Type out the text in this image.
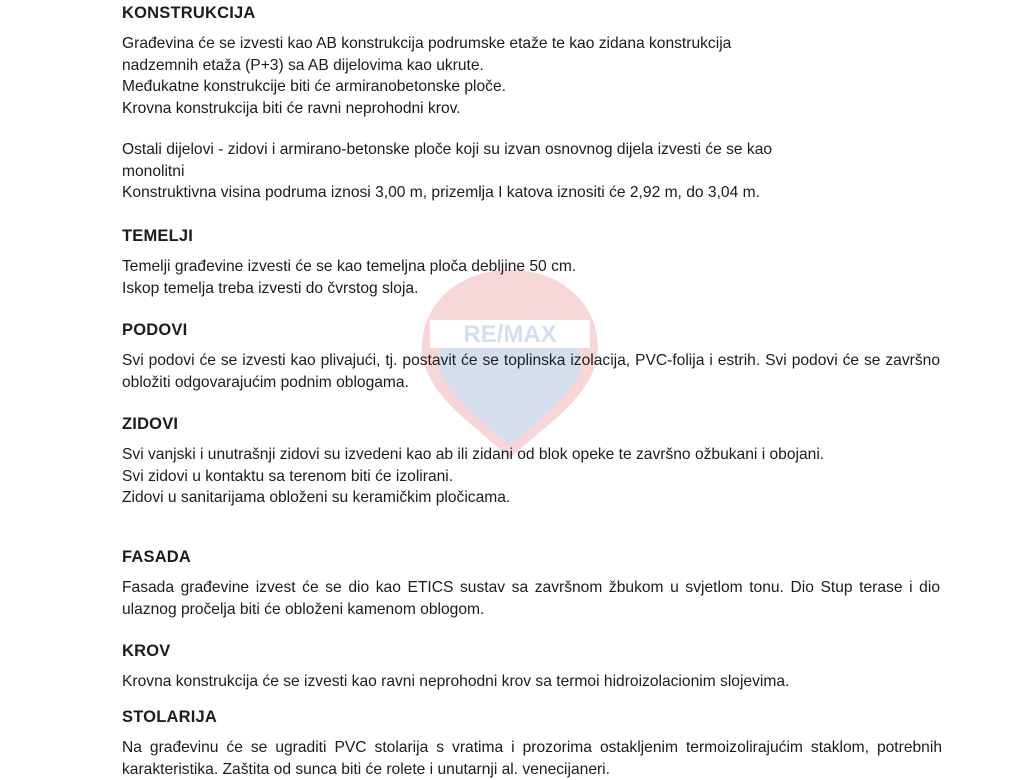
RE/MAX

KONSTRUKCIJA

Građevina će se izvesti kao AB konstrukcija podrumske etaže te kao zidana konstrukcija

nadzemnih etaža (P+3) sa AB dijelovima kao ukrute.

Međukatne konstrukcije biti će armiranobetonske ploče.

Krovna konstrukcija biti će ravni neprohodni krov.

Ostali dijelovi - zidovi i armirano-betonske ploče koji su izvan osnovnog dijela izvesti će se kao

monolitni

Konstruktivna visina podruma iznosi 3,00 m, prizemlja I katova iznositi će 2,92 m, do 3,04 m.

TEMELJI

Temelji građevine izvesti će se kao temeljna ploča debljine 50 cm.

Iskop temelja treba izvesti do čvrstog sloja.

PODOVI

Svi podovi će se izvesti kao plivajući, tj. postavit će se toplinska izolacija, PVC-folija i estrih. Svi podovi će se završno obložiti odgovarajućim podnim oblogama.

ZIDOVI

Svi vanjski i unutrašnji zidovi su izvedeni kao ab ili zidani od blok opeke te završno ožbukani i obojani.

Svi zidovi u kontaktu sa terenom biti će izolirani.

Zidovi u sanitarijama obloženi su keramičkim pločicama.

FASADA

Fasada građevine izvest će se dio kao ETICS sustav sa završnom žbukom u svjetlom tonu. Dio Stup terase i dio ulaznog pročelja biti će obloženi kamenom oblogom.

KROV

Krovna konstrukcija će se izvesti kao ravni neprohodni krov sa termoi hidroizolacionim slojevima.

STOLARIJA

Na građevinu će se ugraditi PVC stolarija s vratima i prozorima ostakljenim termoizolirajućim staklom, potrebnih karakteristika. Zaštita od sunca biti će rolete i unutarnji al. venecijaneri.
